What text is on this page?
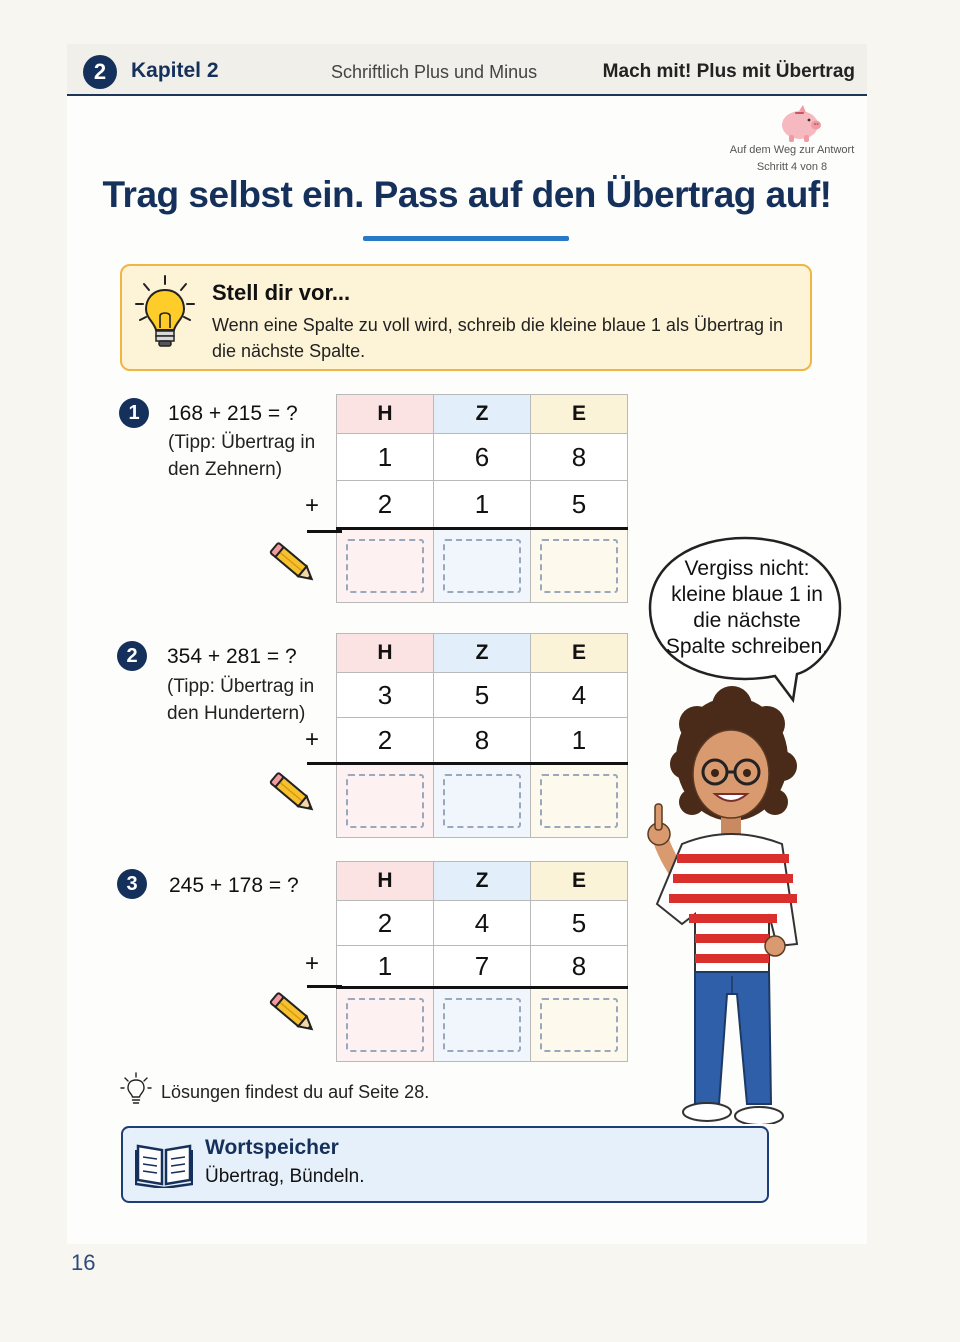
2	Kapitel 2	Schriftlich Plus und Minus	Mach mit! Plus mit Übertrag
Auf dem Weg zur Antwort
Schritt 4 von 8
Trag selbst ein. Pass auf den Übertrag auf!
Stell dir vor...
Wenn eine Spalte zu voll wird, schreib die kleine blaue 1 als Übertrag in die nächste Spalte.
1	168 + 215 = ?
(Tipp: Übertrag in den Zehnern)
H	Z	E
1	6	8
2	1	5

+
2	354 + 281 = ?
(Tipp: Übertrag in den Hundertern)
H	Z	E
3	5	4
2	8	1

+
3	245 + 178 = ?	H	Z	E
2	4	5
1	7	8

+
Vergiss nicht: kleine blaue 1 in die nächste Spalte schreiben.
Lösungen findest du auf Seite 28.
Wortspeicher
Übertrag, Bündeln.
16
